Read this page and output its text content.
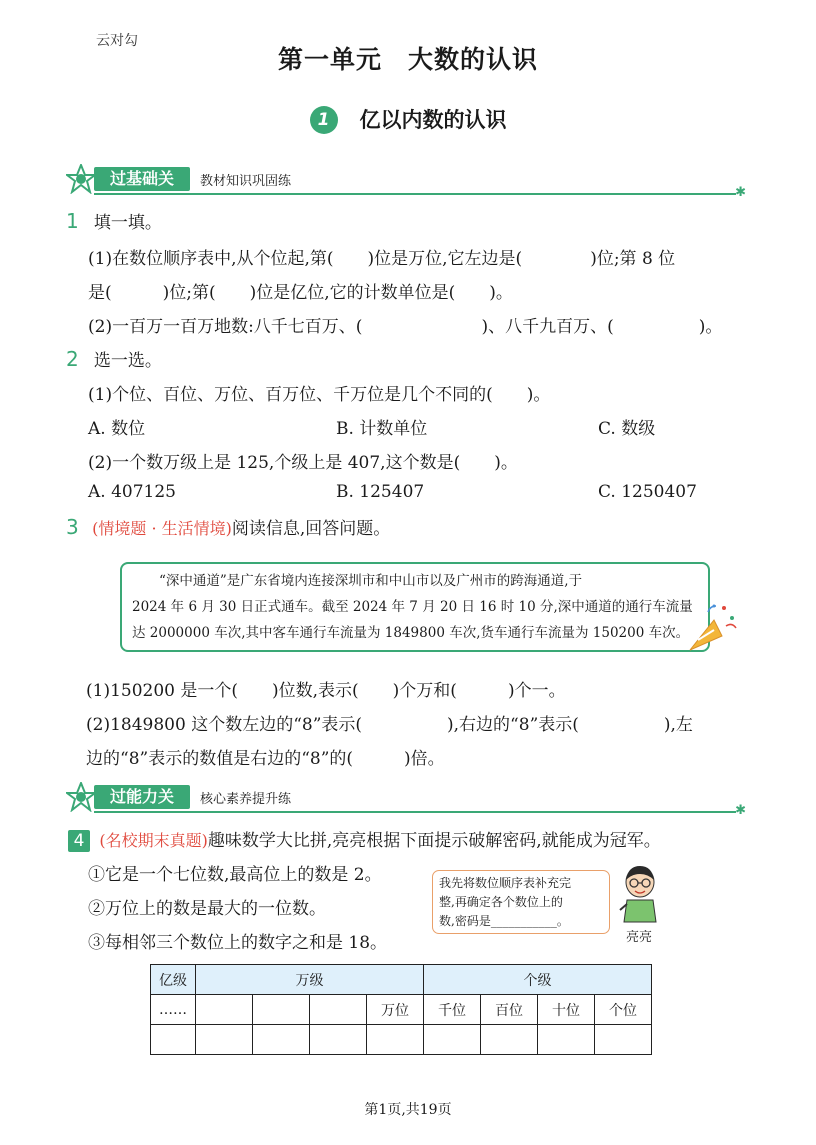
云对勾
第一单元　大数的认识
1 亿以内数的认识
过基础关	教材知识巩固练
✱
1 填一填。
(1)在数位顺序表中,从个位起,第(　　)位是万位,它左边是(　　　　)位;第 8 位
是(　　　)位;第(　　)位是亿位,它的计数单位是(　　)。
(2)一百万一百万地数:八千七百万、(　　　　　　　)、八千九百万、(　　　　　)。
2 选一选。
(1)个位、百位、万位、百万位、千万位是几个不同的(　　)。
A. 数位	B. 计数单位	C. 数级
(2)一个数万级上是 125,个级上是 407,这个数是(　　)。
A. 407125	B. 125407	C. 1250407
3 (情境题 · 生活情境)阅读信息,回答问题。
　　“深中通道”是广东省境内连接深圳市和中山市以及广州市的跨海通道,于
2024 年 6 月 30 日正式通车。截至 2024 年 7 月 20 日 16 时 10 分,深中通道的通行车流量
达 2000000 车次,其中客车通行车流量为 1849800 车次,货车通行车流量为 150200 车次。
(1)150200 是一个(　　)位数,表示(　　)个万和(　　　)个一。
(2)1849800 这个数左边的“8”表示(　　　　　),右边的“8”表示(　　　　　),左
边的“8”表示的数值是右边的“8”的(　　　)倍。
过能力关	核心素养提升练
✱
4 (名校期末真题)趣味数学大比拼,亮亮根据下面提示破解密码,就能成为冠军。
①它是一个七位数,最高位上的数是 2。
②万位上的数是最大的一位数。
③每相邻三个数位上的数字之和是 18。
我先将数位顺序表补充完
整,再确定各个数位上的
数,密码是___________。
亮亮
亿级	万级				个级			
……				万位	千位	百位	十位	个位

第1页,共19页
